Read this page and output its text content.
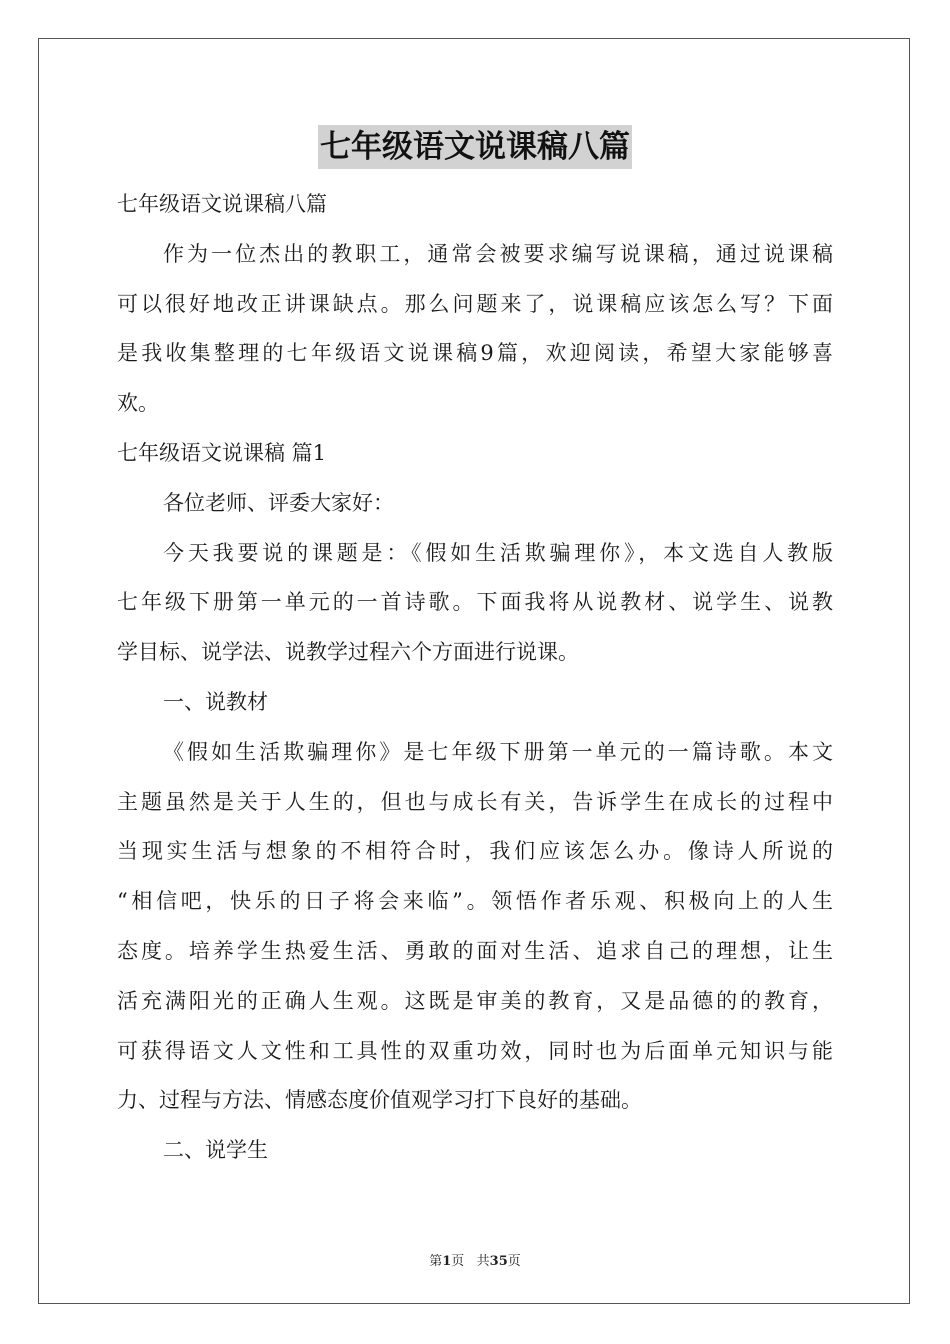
七年级语文说课稿八篇
七年级语文说课稿八篇
作为一位杰出的教职工，通常会被要求编写说课稿，通过说课稿
可以很好地改正讲课缺点。那么问题来了，说课稿应该怎么写？下面
是我收集整理的七年级语文说课稿9篇，欢迎阅读，希望大家能够喜
欢。
七年级语文说课稿 篇1
各位老师、评委大家好：
今天我要说的课题是：《假如生活欺骗理你》，本文选自人教版
七年级下册第一单元的一首诗歌。下面我将从说教材、说学生、说教
学目标、说学法、说教学过程六个方面进行说课。
一、说教材
《假如生活欺骗理你》是七年级下册第一单元的一篇诗歌。本文
主题虽然是关于人生的，但也与成长有关，告诉学生在成长的过程中
当现实生活与想象的不相符合时，我们应该怎么办。像诗人所说的
“相信吧，快乐的日子将会来临”。领悟作者乐观、积极向上的人生
态度。培养学生热爱生活、勇敢的面对生活、追求自己的理想，让生
活充满阳光的正确人生观。这既是审美的教育，又是品德的的教育，
可获得语文人文性和工具性的双重功效，同时也为后面单元知识与能
力、过程与方法、情感态度价值观学习打下良好的基础。
二、说学生
第1页   共35页
